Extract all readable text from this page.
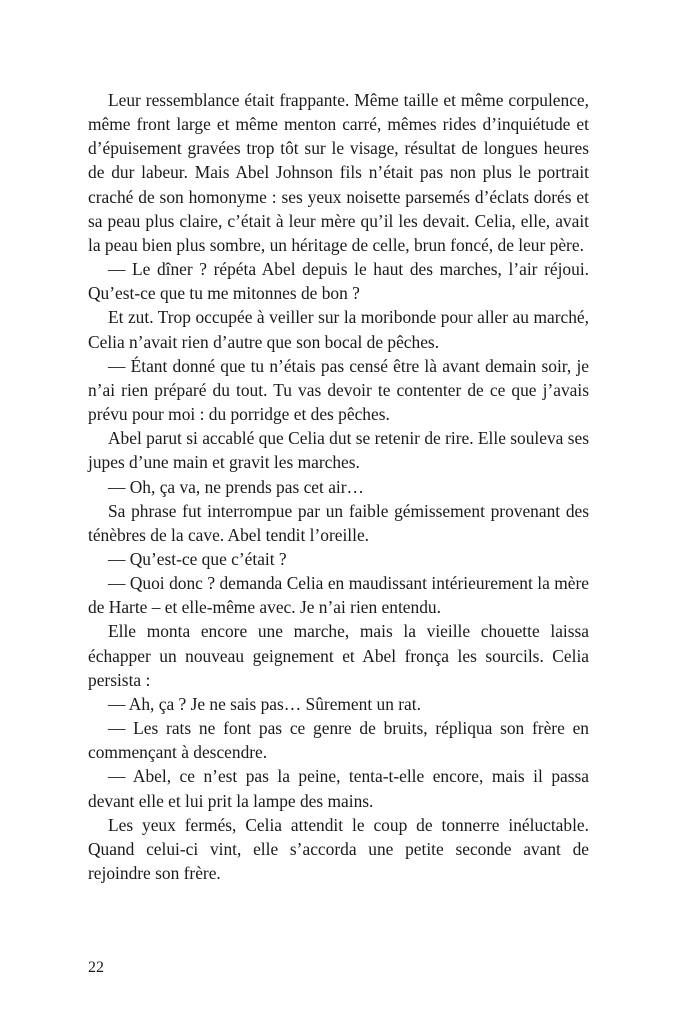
Leur ressemblance était frappante. Même taille et même corpulence, même front large et même menton carré, mêmes rides d’inquiétude et d’épuisement gravées trop tôt sur le visage, résultat de longues heures de dur labeur. Mais Abel Johnson fils n’était pas non plus le portrait craché de son homonyme : ses yeux noisette parsemés d’éclats dorés et sa peau plus claire, c’était à leur mère qu’il les devait. Celia, elle, avait la peau bien plus sombre, un héritage de celle, brun foncé, de leur père.

— Le dîner ? répéta Abel depuis le haut des marches, l’air réjoui. Qu’est-ce que tu me mitonnes de bon ?

Et zut. Trop occupée à veiller sur la moribonde pour aller au marché, Celia n’avait rien d’autre que son bocal de pêches.

— Étant donné que tu n’étais pas censé être là avant demain soir, je n’ai rien préparé du tout. Tu vas devoir te contenter de ce que j’avais prévu pour moi : du porridge et des pêches.

Abel parut si accablé que Celia dut se retenir de rire. Elle souleva ses jupes d’une main et gravit les marches.

— Oh, ça va, ne prends pas cet air…

Sa phrase fut interrompue par un faible gémissement provenant des ténèbres de la cave. Abel tendit l’oreille.

— Qu’est-ce que c’était ?

— Quoi donc ? demanda Celia en maudissant intérieurement la mère de Harte – et elle-même avec. Je n’ai rien entendu.

Elle monta encore une marche, mais la vieille chouette laissa échapper un nouveau geignement et Abel fronça les sourcils. Celia persista :

— Ah, ça ? Je ne sais pas… Sûrement un rat.

— Les rats ne font pas ce genre de bruits, répliqua son frère en commençant à descendre.

— Abel, ce n’est pas la peine, tenta-t-elle encore, mais il passa devant elle et lui prit la lampe des mains.

Les yeux fermés, Celia attendit le coup de tonnerre inéluctable. Quand celui-ci vint, elle s’accorda une petite seconde avant de rejoindre son frère.

22
